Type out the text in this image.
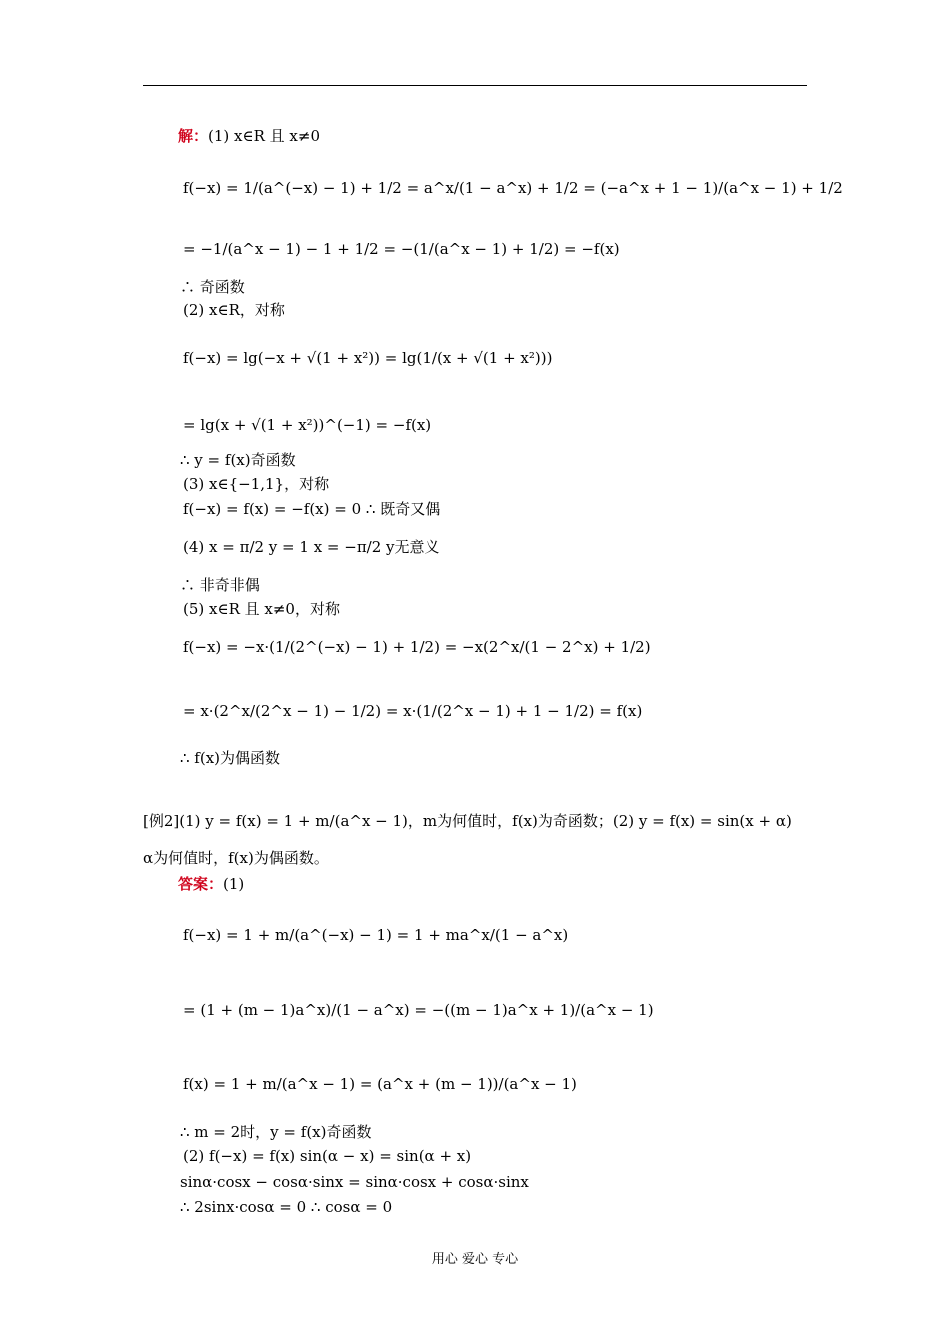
解：(1) x∈R 且 x≠0
f(−x) = 1/(a^(−x) − 1) + 1/2 = a^x/(1 − a^x) + 1/2 = (−a^x + 1 − 1)/(a^x − 1) + 1/2
= −1/(a^x − 1) − 1 + 1/2 = −(1/(a^x − 1) + 1/2) = −f(x)
∴ 奇函数
(2) x∈R，对称
f(−x) = lg(−x + √(1 + x²)) = lg(1/(x + √(1 + x²)))
= lg(x + √(1 + x²))^(−1) = −f(x)
∴ y = f(x)奇函数
(3) x∈{−1,1}，对称
f(−x) = f(x) = −f(x) = 0 ∴ 既奇又偶
(4) x = π/2 y = 1 x = −π/2 y无意义
∴ 非奇非偶
(5) x∈R 且 x≠0，对称
f(−x) = −x·(1/(2^(−x) − 1) + 1/2) = −x(2^x/(1 − 2^x) + 1/2)
= x·(2^x/(2^x − 1) − 1/2) = x·(1/(2^x − 1) + 1 − 1/2) = f(x)
∴ f(x)为偶函数
[例2](1) y = f(x) = 1 + m/(a^x − 1)，m为何值时，f(x)为奇函数；(2) y = f(x) = sin(x + α)
α为何值时，f(x)为偶函数。
答案：(1)
f(−x) = 1 + m/(a^(−x) − 1) = 1 + ma^x/(1 − a^x)
= (1 + (m − 1)a^x)/(1 − a^x) = −((m − 1)a^x + 1)/(a^x − 1)
f(x) = 1 + m/(a^x − 1) = (a^x + (m − 1))/(a^x − 1)
∴ m = 2时，y = f(x)奇函数
(2) f(−x) = f(x) sin(α − x) = sin(α + x)
sinα·cosx − cosα·sinx = sinα·cosx + cosα·sinx
∴ 2sinx·cosα = 0 ∴ cosα = 0
用心 爱心 专心
